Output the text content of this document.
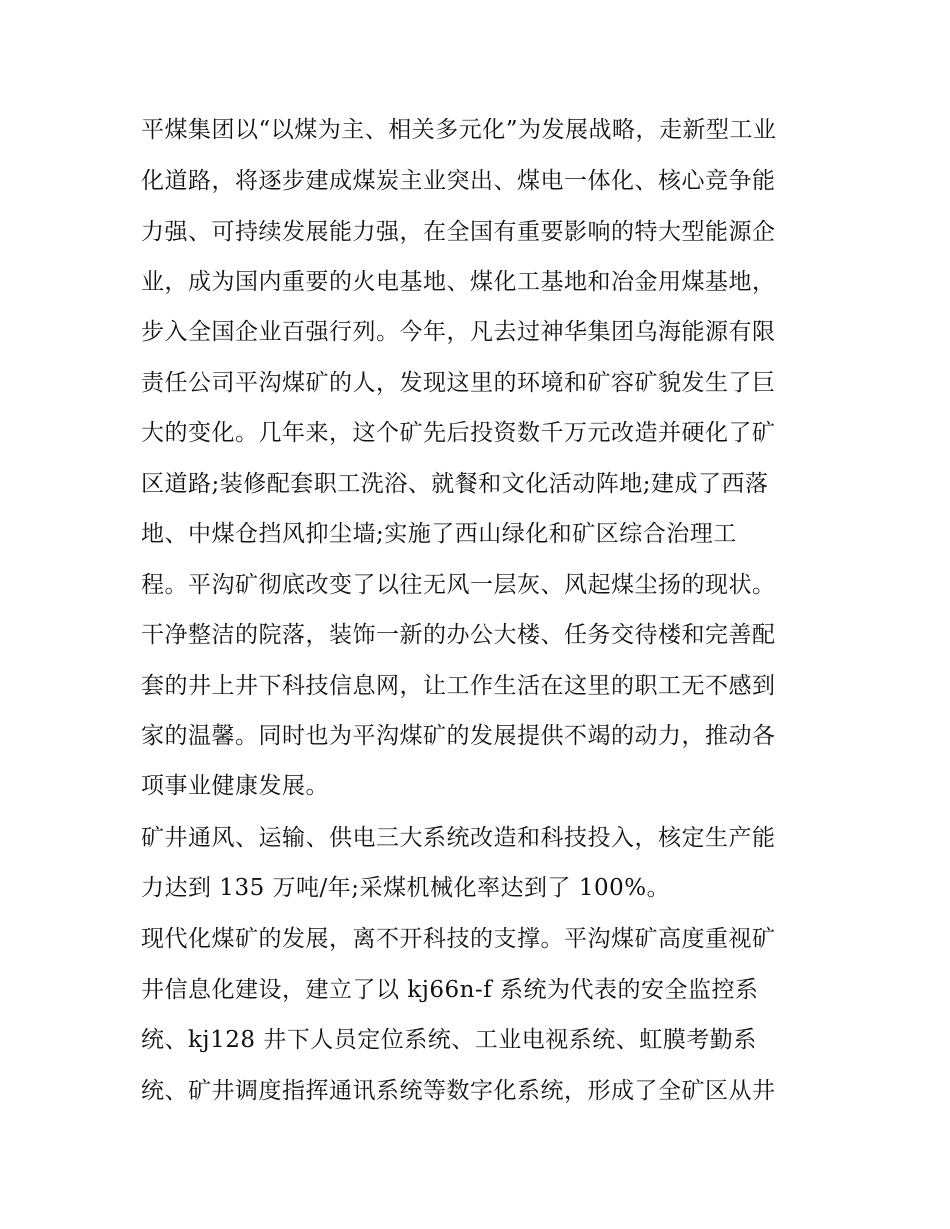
平煤集团以“以煤为主、相关多元化”为发展战略，走新型工业
化道路，将逐步建成煤炭主业突出、煤电一体化、核心竞争能
力强、可持续发展能力强，在全国有重要影响的特大型能源企
业，成为国内重要的火电基地、煤化工基地和冶金用煤基地，
步入全国企业百强行列。今年，凡去过神华集团乌海能源有限
责任公司平沟煤矿的人，发现这里的环境和矿容矿貌发生了巨
大的变化。几年来，这个矿先后投资数千万元改造并硬化了矿
区道路;装修配套职工洗浴、就餐和文化活动阵地;建成了西落
地、中煤仓挡风抑尘墙;实施了西山绿化和矿区综合治理工
程。平沟矿彻底改变了以往无风一层灰、风起煤尘扬的现状。
干净整洁的院落，装饰一新的办公大楼、任务交待楼和完善配
套的井上井下科技信息网，让工作生活在这里的职工无不感到
家的温馨。同时也为平沟煤矿的发展提供不竭的动力，推动各
项事业健康发展。
矿井通风、运输、供电三大系统改造和科技投入，核定生产能
力达到 135 万吨/年;采煤机械化率达到了 100%。
现代化煤矿的发展，离不开科技的支撑。平沟煤矿高度重视矿
井信息化建设，建立了以 kj66n-f 系统为代表的安全监控系
统、kj128 井下人员定位系统、工业电视系统、虹膜考勤系
统、矿井调度指挥通讯系统等数字化系统，形成了全矿区从井
